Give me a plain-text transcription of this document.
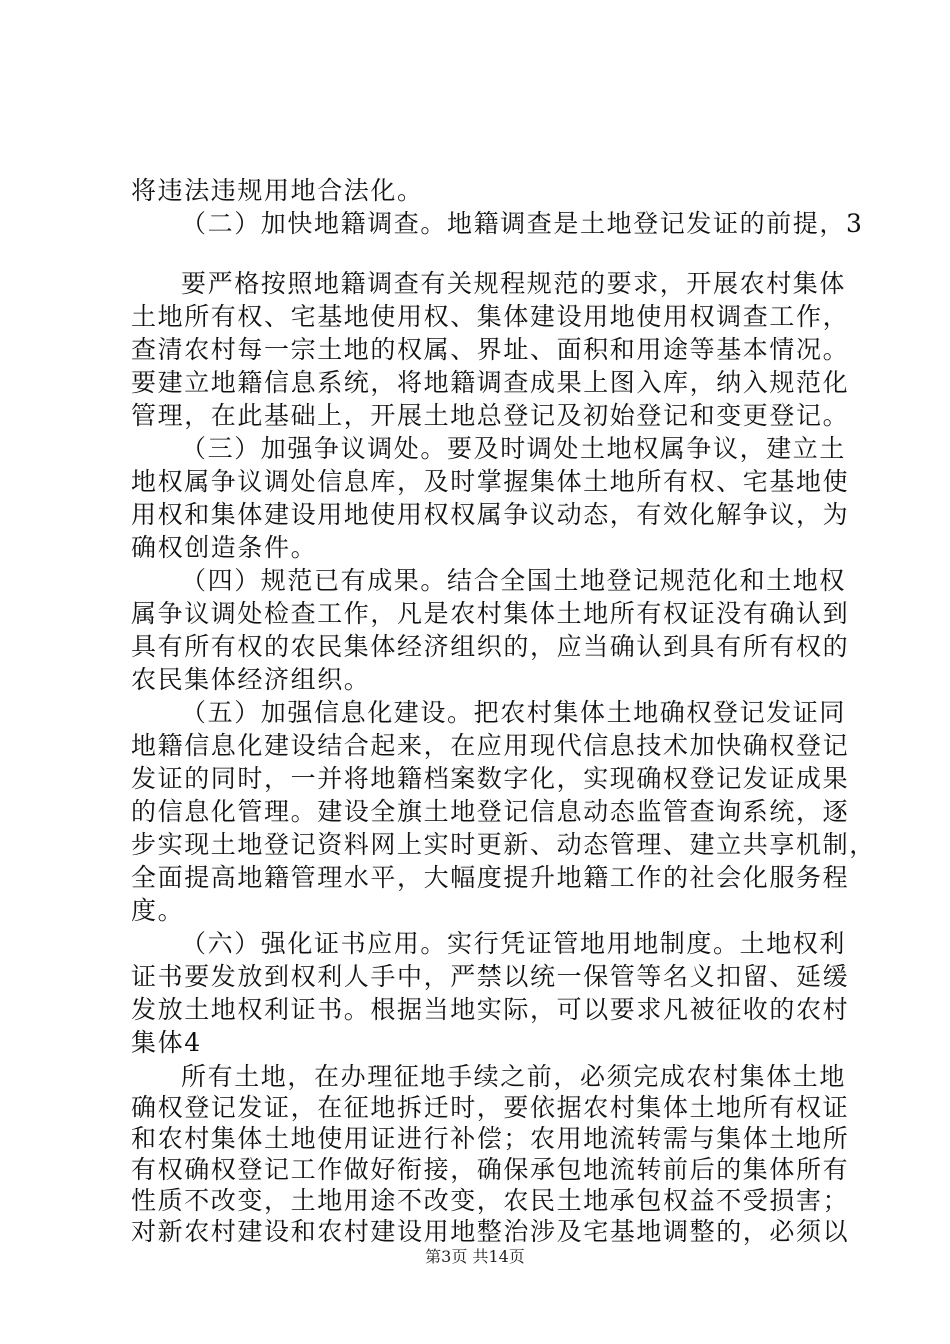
将违法违规用地合法化。
（二）加快地籍调查。地籍调查是土地登记发证的前提，3
要严格按照地籍调查有关规程规范的要求，开展农村集体
土地所有权、宅基地使用权、集体建设用地使用权调查工作，
查清农村每一宗土地的权属、界址、面积和用途等基本情况。
要建立地籍信息系统，将地籍调查成果上图入库，纳入规范化
管理，在此基础上，开展土地总登记及初始登记和变更登记。
（三）加强争议调处。要及时调处土地权属争议，建立土
地权属争议调处信息库，及时掌握集体土地所有权、宅基地使
用权和集体建设用地使用权权属争议动态，有效化解争议，为
确权创造条件。
（四）规范已有成果。结合全国土地登记规范化和土地权
属争议调处检查工作，凡是农村集体土地所有权证没有确认到
具有所有权的农民集体经济组织的，应当确认到具有所有权的
农民集体经济组织。
（五）加强信息化建设。把农村集体土地确权登记发证同
地籍信息化建设结合起来，在应用现代信息技术加快确权登记
发证的同时，一并将地籍档案数字化，实现确权登记发证成果
的信息化管理。建设全旗土地登记信息动态监管查询系统，逐
步实现土地登记资料网上实时更新、动态管理、建立共享机制，
全面提高地籍管理水平，大幅度提升地籍工作的社会化服务程
度。
（六）强化证书应用。实行凭证管地用地制度。土地权利
证书要发放到权利人手中，严禁以统一保管等名义扣留、延缓
发放土地权利证书。根据当地实际，可以要求凡被征收的农村
集体4
所有土地，在办理征地手续之前，必须完成农村集体土地
确权登记发证，在征地拆迁时，要依据农村集体土地所有权证
和农村集体土地使用证进行补偿；农用地流转需与集体土地所
有权确权登记工作做好衔接，确保承包地流转前后的集体所有
性质不改变，土地用途不改变，农民土地承包权益不受损害；
第3页 共14页
对新农村建设和农村建设用地整治涉及宅基地调整的，必须以
